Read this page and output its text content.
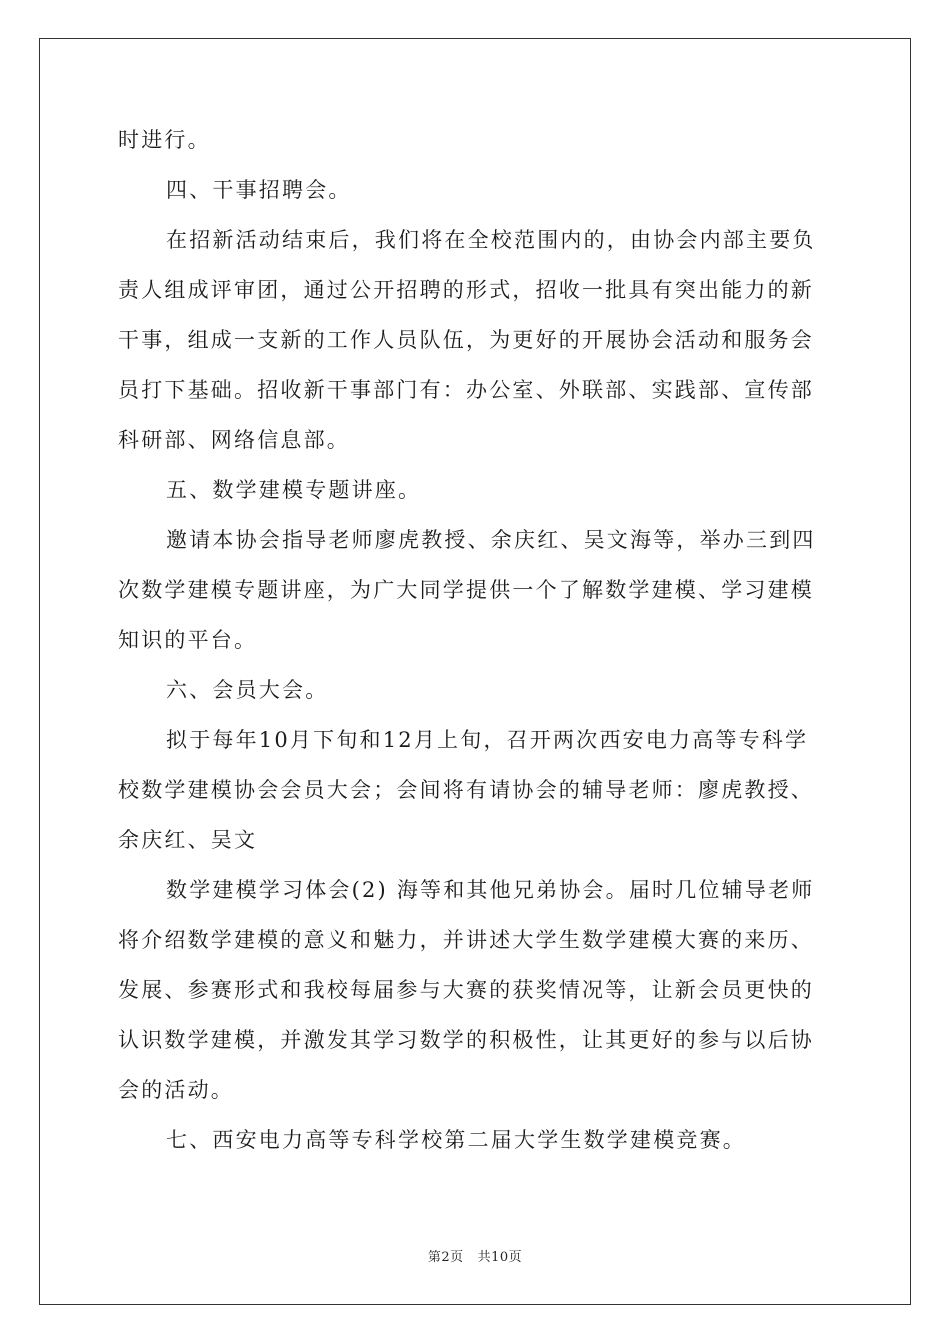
时进行。
四、干事招聘会。
在招新活动结束后，我们将在全校范围内的，由协会内部主要负
责人组成评审团，通过公开招聘的形式，招收一批具有突出能力的新
干事，组成一支新的工作人员队伍，为更好的开展协会活动和服务会
员打下基础。招收新干事部门有：办公室、外联部、实践部、宣传部
科研部、网络信息部。
五、数学建模专题讲座。
邀请本协会指导老师廖虎教授、余庆红、吴文海等，举办三到四
次数学建模专题讲座，为广大同学提供一个了解数学建模、学习建模
知识的平台。
六、会员大会。
拟于每年10月下旬和12月上旬，召开两次西安电力高等专科学
校数学建模协会会员大会；会间将有请协会的辅导老师：廖虎教授、
余庆红、吴文
数学建模学习体会(2) 海等和其他兄弟协会。届时几位辅导老师
将介绍数学建模的意义和魅力，并讲述大学生数学建模大赛的来历、
发展、参赛形式和我校每届参与大赛的获奖情况等，让新会员更快的
认识数学建模，并激发其学习数学的积极性，让其更好的参与以后协
会的活动。
七、西安电力高等专科学校第二届大学生数学建模竞赛。
第2页 共10页
